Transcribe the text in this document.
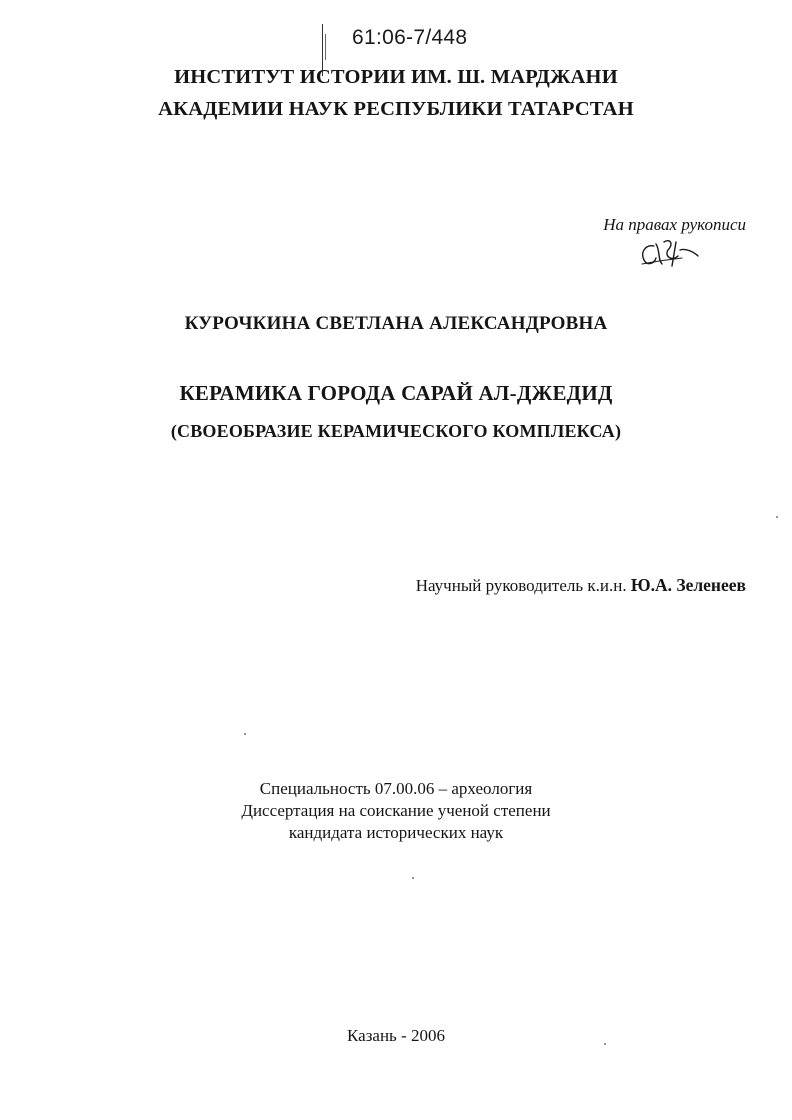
61:06-7/448
ИНСТИТУТ ИСТОРИИ ИМ. Ш. МАРДЖАНИ
АКАДЕМИИ НАУК РЕСПУБЛИКИ ТАТАРСТАН
На правах рукописи
КУРОЧКИНА СВЕТЛАНА АЛЕКСАНДРОВНА
КЕРАМИКА ГОРОДА САРАЙ АЛ-ДЖЕДИД
(СВОЕОБРАЗИЕ КЕРАМИЧЕСКОГО КОМПЛЕКСА)
Научный руководитель к.и.н. Ю.А. Зеленеев
Специальность 07.00.06 – археология
Диссертация на соискание ученой степени
кандидата исторических наук
Казань - 2006
